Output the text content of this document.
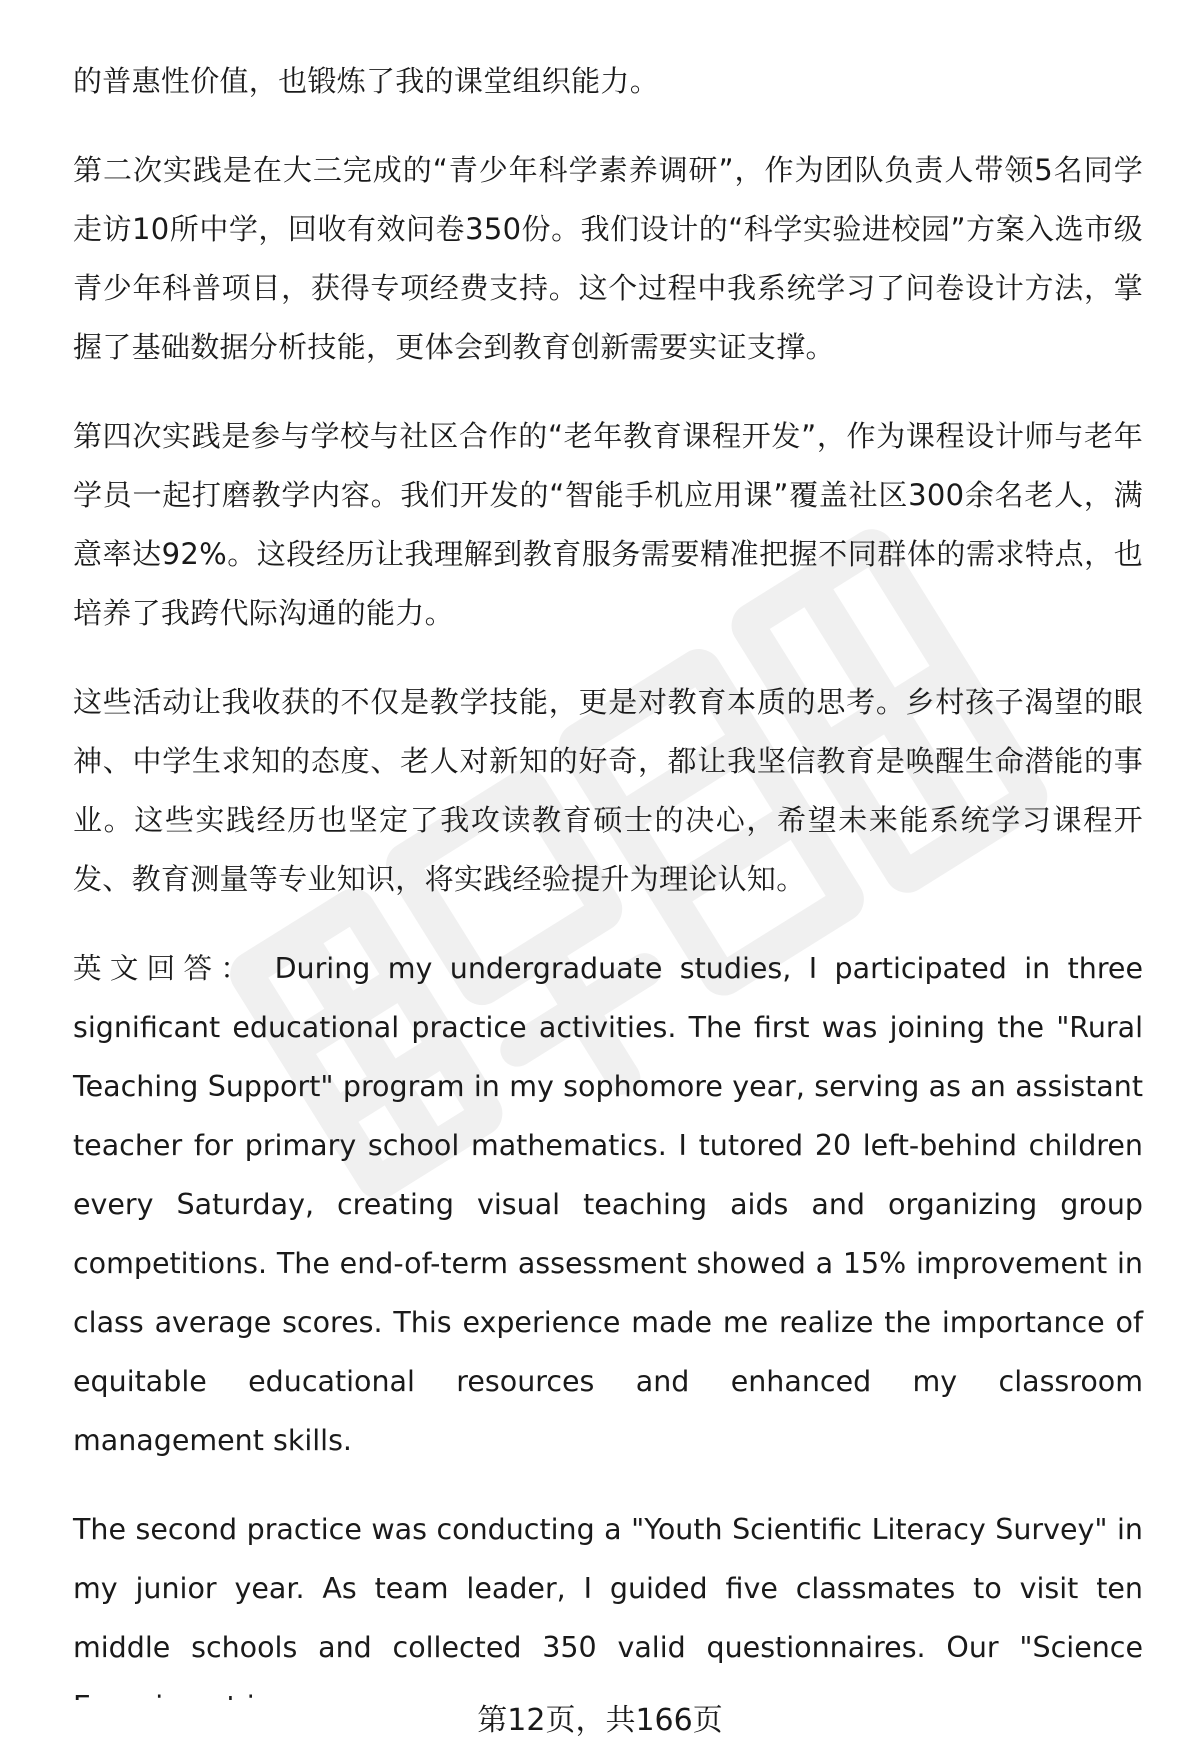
的普惠性价值，也锻炼了我的课堂组织能力。

第二次实践是在大三完成的“青少年科学素养调研”，作为团队负责人带领5名同学走访10所中学，回收有效问卷350份。我们设计的“科学实验进校园”方案入选市级青少年科普项目，获得专项经费支持。这个过程中我系统学习了问卷设计方法，掌握了基础数据分析技能，更体会到教育创新需要实证支撑。

第四次实践是参与学校与社区合作的“老年教育课程开发”，作为课程设计师与老年学员一起打磨教学内容。我们开发的“智能手机应用课”覆盖社区300余名老人，满意率达92%。这段经历让我理解到教育服务需要精准把握不同群体的需求特点，也培养了我跨代际沟通的能力。

这些活动让我收获的不仅是教学技能，更是对教育本质的思考。乡村孩子渴望的眼神、中学生求知的态度、老人对新知的好奇，都让我坚信教育是唤醒生命潜能的事业。这些实践经历也坚定了我攻读教育硕士的决心，希望未来能系统学习课程开发、教育测量等专业知识，将实践经验提升为理论认知。

英文回答： During my undergraduate studies, I participated in three significant educational practice activities. The first was joining the "Rural Teaching Support" program in my sophomore year, serving as an assistant teacher for primary school mathematics. I tutored 20 left-behind children every Saturday, creating visual teaching aids and organizing group competitions. The end-of-term assessment showed a 15% improvement in class average scores. This experience made me realize the importance of equitable educational resources and enhanced my classroom management skills.

The second practice was conducting a "Youth Scientific Literacy Survey" in my junior year. As team leader, I guided five classmates to visit ten middle schools and collected 350 valid questionnaires. Our "Science

第12页，共166页
